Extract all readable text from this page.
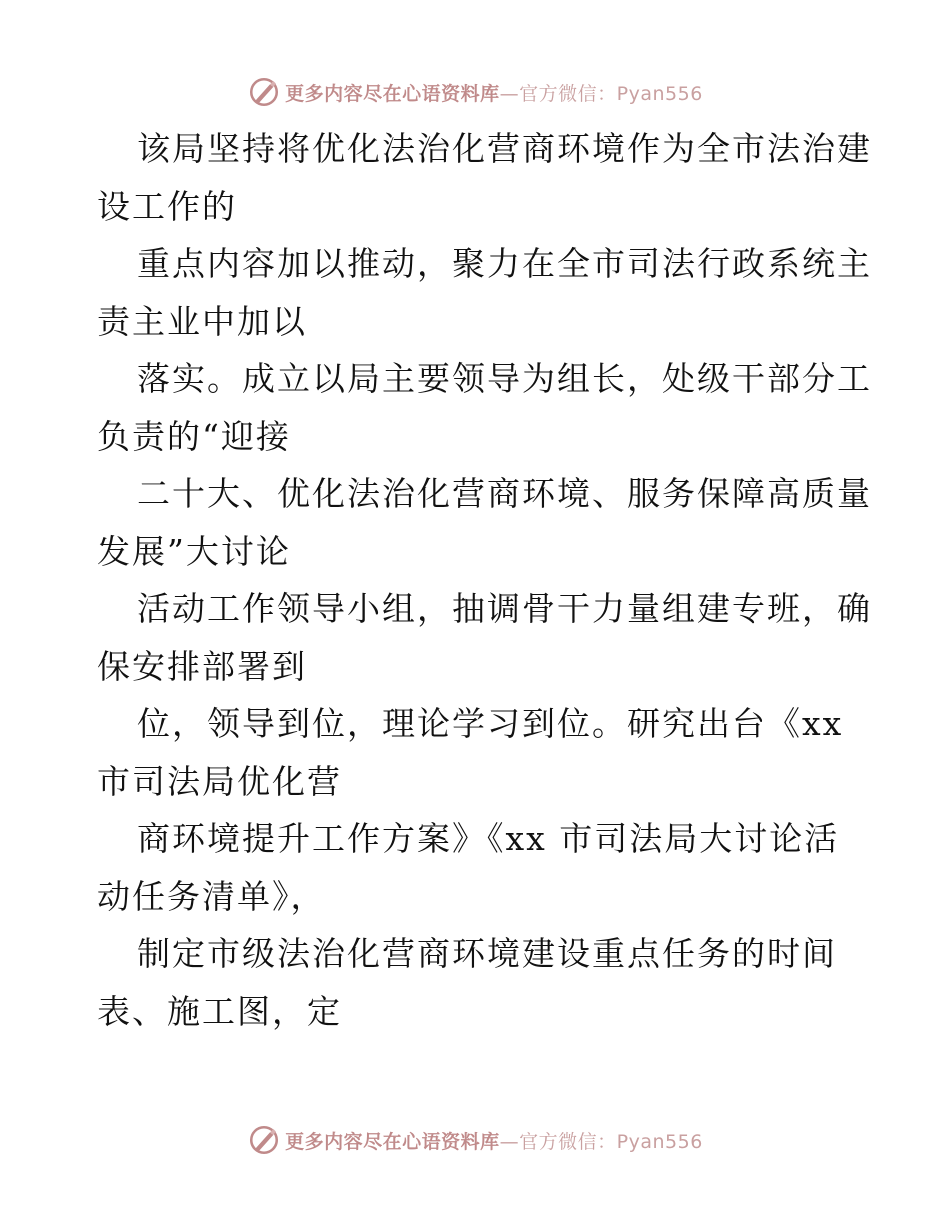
更多内容尽在心语资料库—官方微信：Pyan556
该局坚持将优化法治化营商环境作为全市法治建
设工作的
重点内容加以推动，聚力在全市司法行政系统主
责主业中加以
落实。成立以局主要领导为组长，处级干部分工
负责的“迎接
二十大、优化法治化营商环境、服务保障高质量
发展”大讨论
活动工作领导小组，抽调骨干力量组建专班，确
保安排部署到
位，领导到位，理论学习到位。研究出台《xx
市司法局优化营
商环境提升工作方案》《xx 市司法局大讨论活
动任务清单》，
制定市级法治化营商环境建设重点任务的时间
表、施工图，定
更多内容尽在心语资料库—官方微信：Pyan556
